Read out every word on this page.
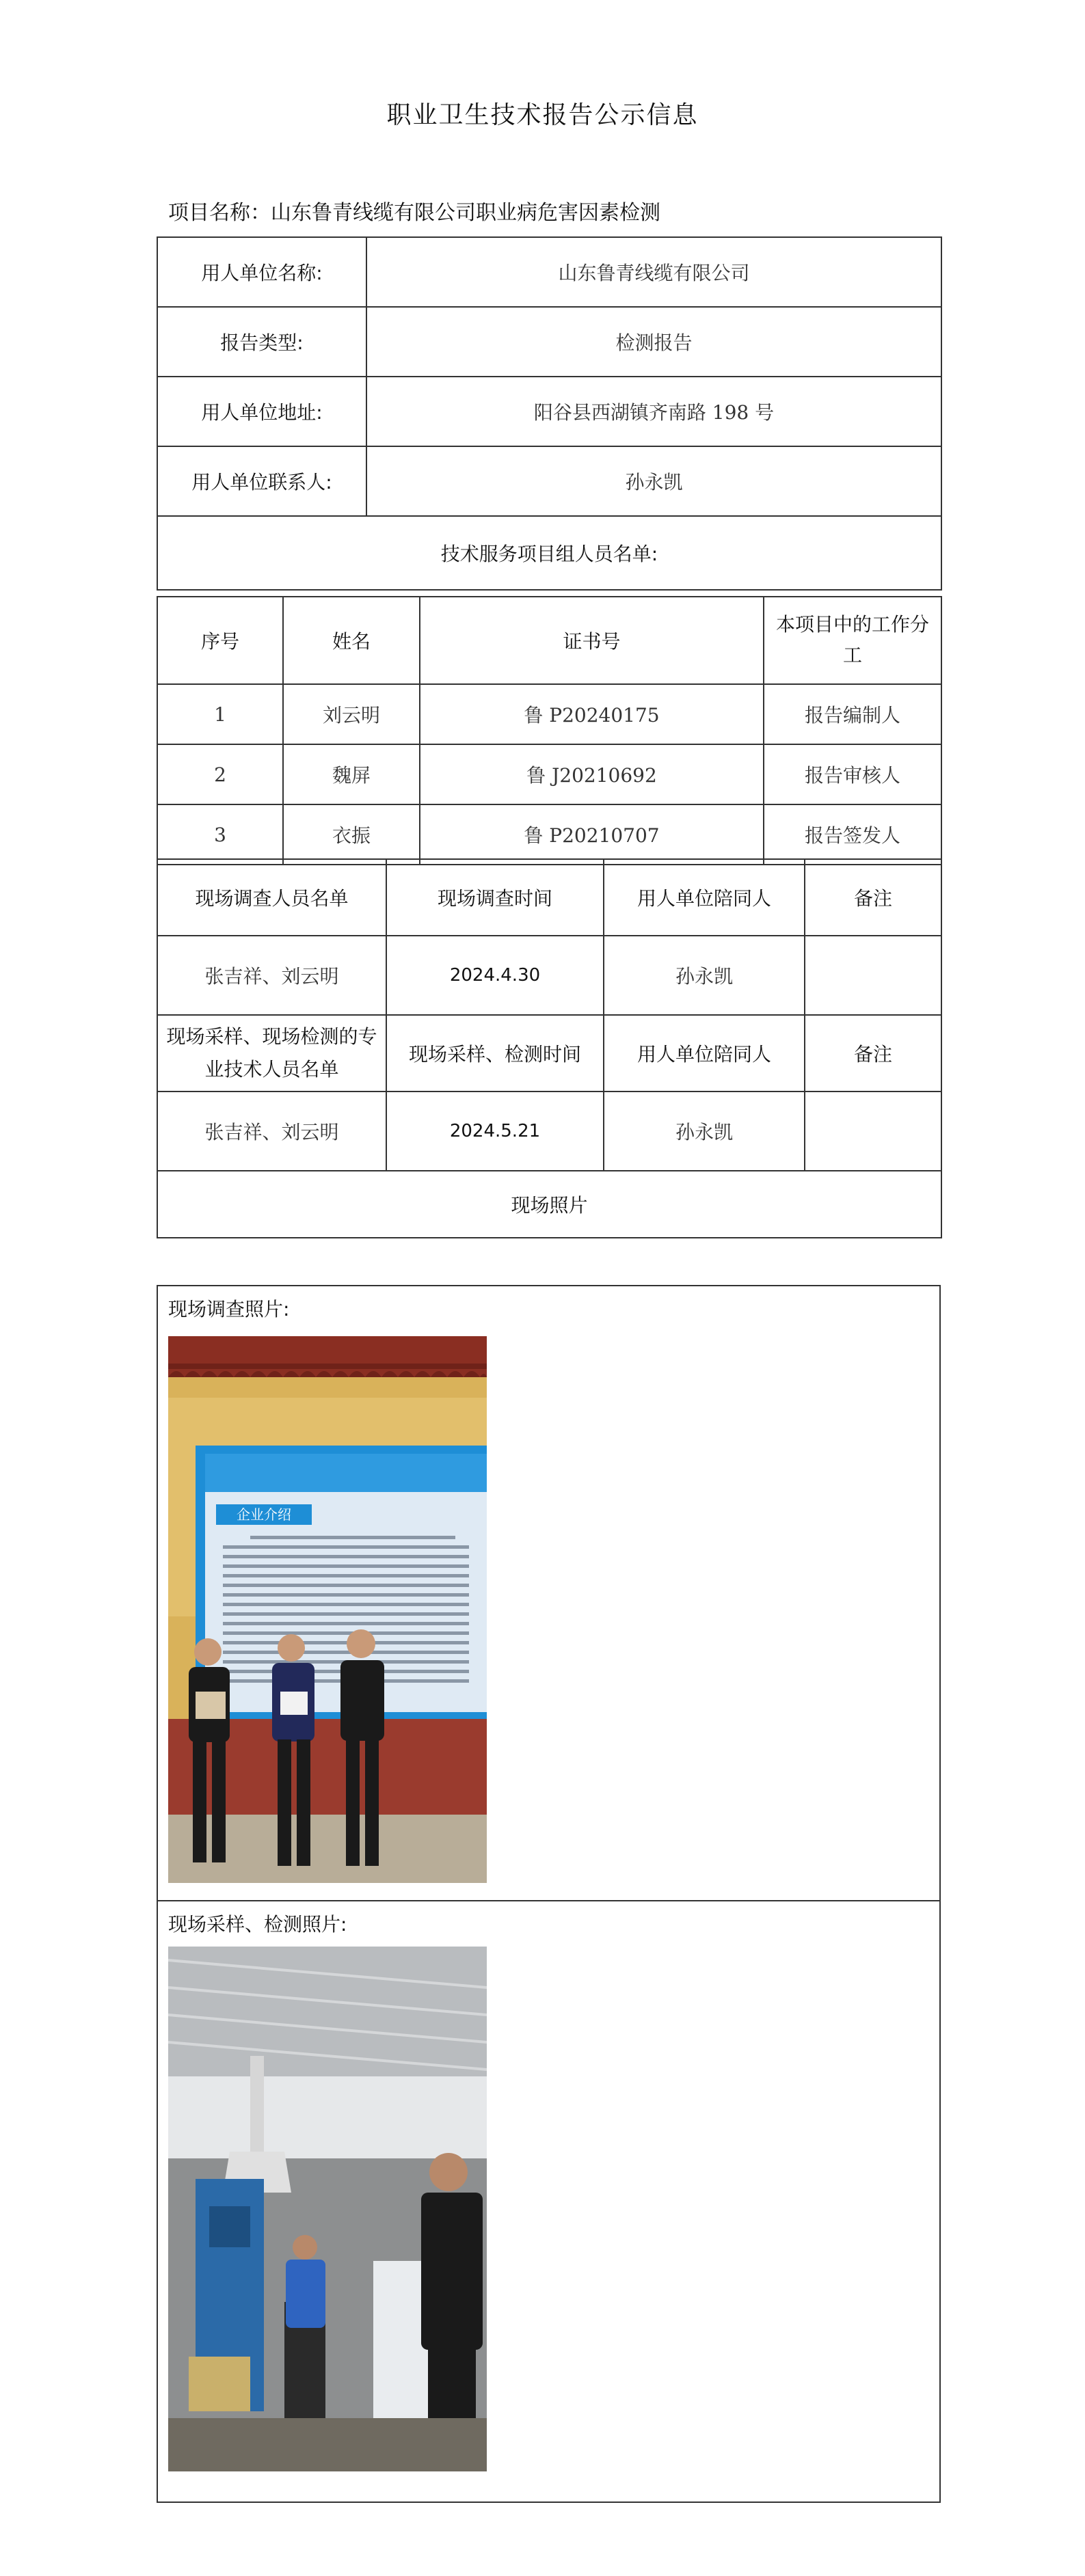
职业卫生技术报告公示信息
项目名称：山东鲁青线缆有限公司职业病危害因素检测
用人单位名称:	山东鲁青线缆有限公司
报告类型:	检测报告
用人单位地址:	阳谷县西湖镇齐南路 198 号
用人单位联系人:	孙永凯
技术服务项目组人员名单:	
序号	姓名	证书号	本项目中的工作分工
1	刘云明	鲁 P20240175	报告编制人
2	魏屏	鲁 J20210692	报告审核人
3	衣振	鲁 P20210707	报告签发人
现场调查人员名单	现场调查时间	用人单位陪同人	备注
张吉祥、刘云明	2024.4.30	孙永凯	
现场采样、现场检测的专业技术人员名单	现场采样、检测时间	用人单位陪同人	备注
张吉祥、刘云明	2024.5.21	孙永凯	
现场照片			
现场调查照片:
企业介绍
现场采样、检测照片:
